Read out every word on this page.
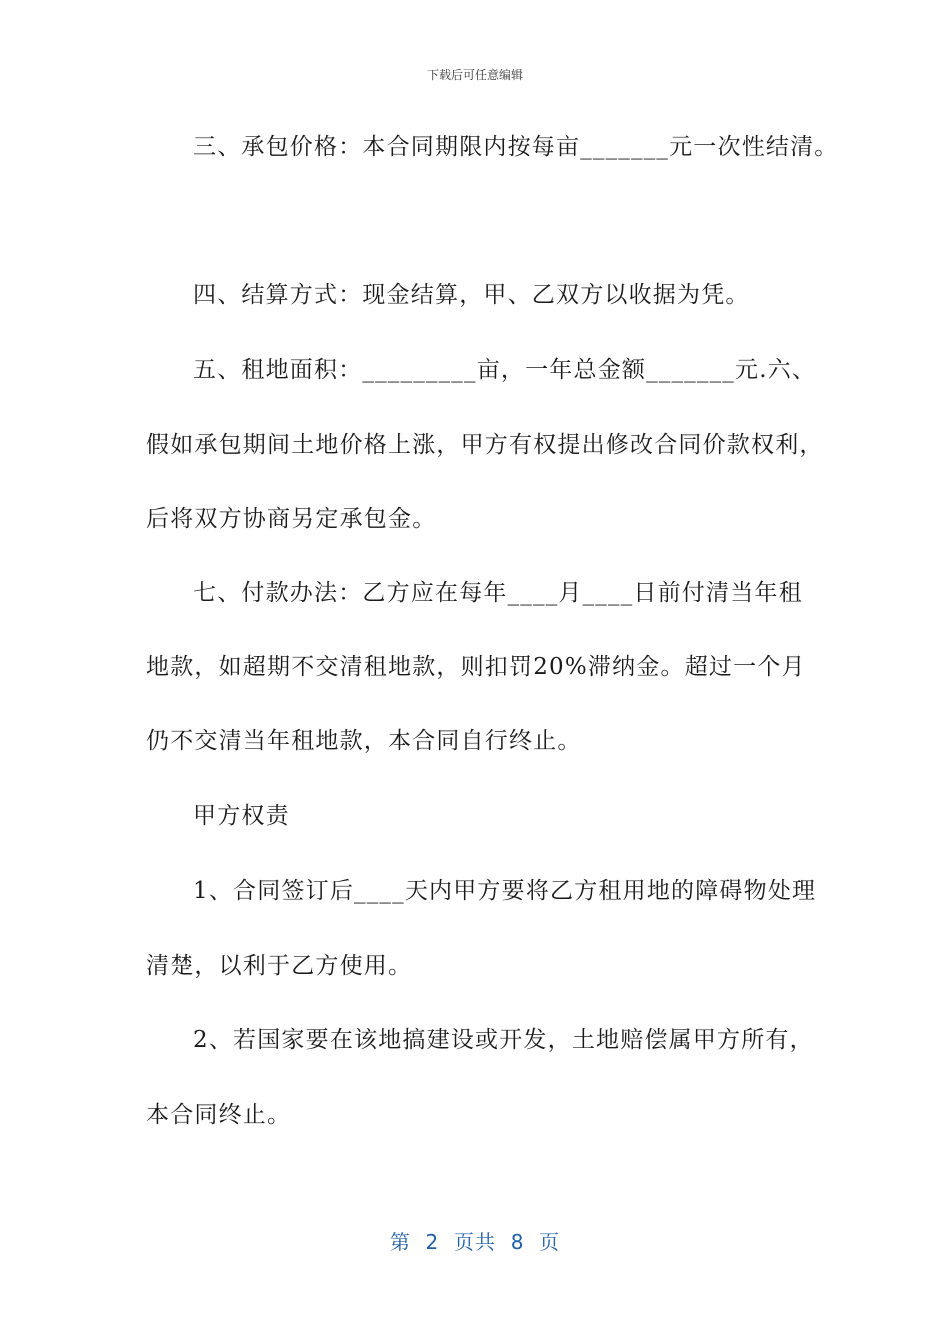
下载后可任意编辑
三、承包价格：本合同期限内按每亩_______元一次性结清。
四、结算方式：现金结算，甲、乙双方以收据为凭。
五、租地面积：_________亩，一年总金额_______元.六、
假如承包期间土地价格上涨，甲方有权提出修改合同价款权利，
后将双方协商另定承包金。
七、付款办法：乙方应在每年____月____日前付清当年租
地款，如超期不交清租地款，则扣罚20%滞纳金。超过一个月
仍不交清当年租地款，本合同自行终止。
甲方权责
1、合同签订后____天内甲方要将乙方租用地的障碍物处理
清楚，以利于乙方使用。
2、若国家要在该地搞建设或开发，土地赔偿属甲方所有，
本合同终止。
第  2  页共  8  页
